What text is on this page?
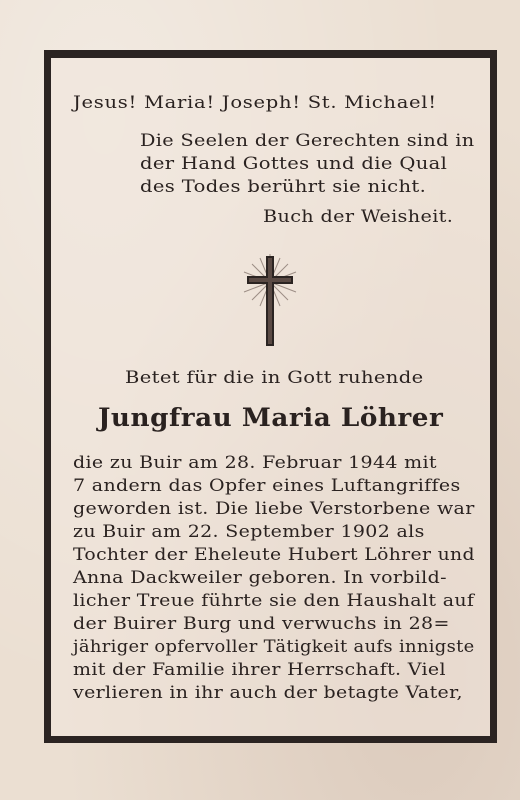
Jesus! Maria! Joseph! St. Michael!
Die Seelen der Gerechten sind in
der Hand Gottes und die Qual
des Todes berührt sie nicht.
Buch der Weisheit.
Betet für die in Gott ruhende
Jungfrau Maria Löhrer
die zu Buir am 28. Februar 1944 mit
7 andern das Opfer eines Luftangriffes
geworden ist. Die liebe Verstorbene war
zu Buir am 22. September 1902 als
Tochter der Eheleute Hubert Löhrer und
Anna Dackweiler geboren. In vorbild-
licher Treue führte sie den Haushalt auf
der Buirer Burg und verwuchs in 28=
jähriger opfervoller Tätigkeit aufs innigste
mit der Familie ihrer Herrschaft. Viel
verlieren in ihr auch der betagte Vater,
